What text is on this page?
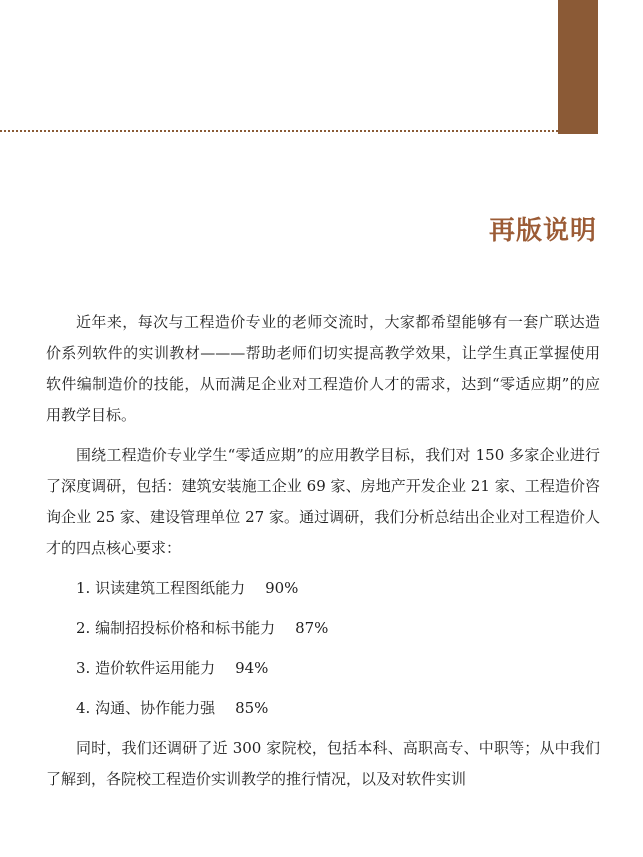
再版说明

近年来，每次与工程造价专业的老师交流时，大家都希望能够有一套广联达造价系列软件的实训教材———帮助老师们切实提高教学效果，让学生真正掌握使用软件编制造价的技能，从而满足企业对工程造价人才的需求，达到“零适应期”的应用教学目标。

围绕工程造价专业学生“零适应期”的应用教学目标，我们对 150 多家企业进行了深度调研，包括：建筑安装施工企业 69 家、房地产开发企业 21 家、工程造价咨询企业 25 家、建设管理单位 27 家。通过调研，我们分析总结出企业对工程造价人才的四点核心要求：

1. 识读建筑工程图纸能力 90%
2. 编制招投标价格和标书能力 87%
3. 造价软件运用能力 94%
4. 沟通、协作能力强 85%

同时，我们还调研了近 300 家院校，包括本科、高职高专、中职等；从中我们了解到，各院校工程造价实训教学的推行情况，以及对软件实训
